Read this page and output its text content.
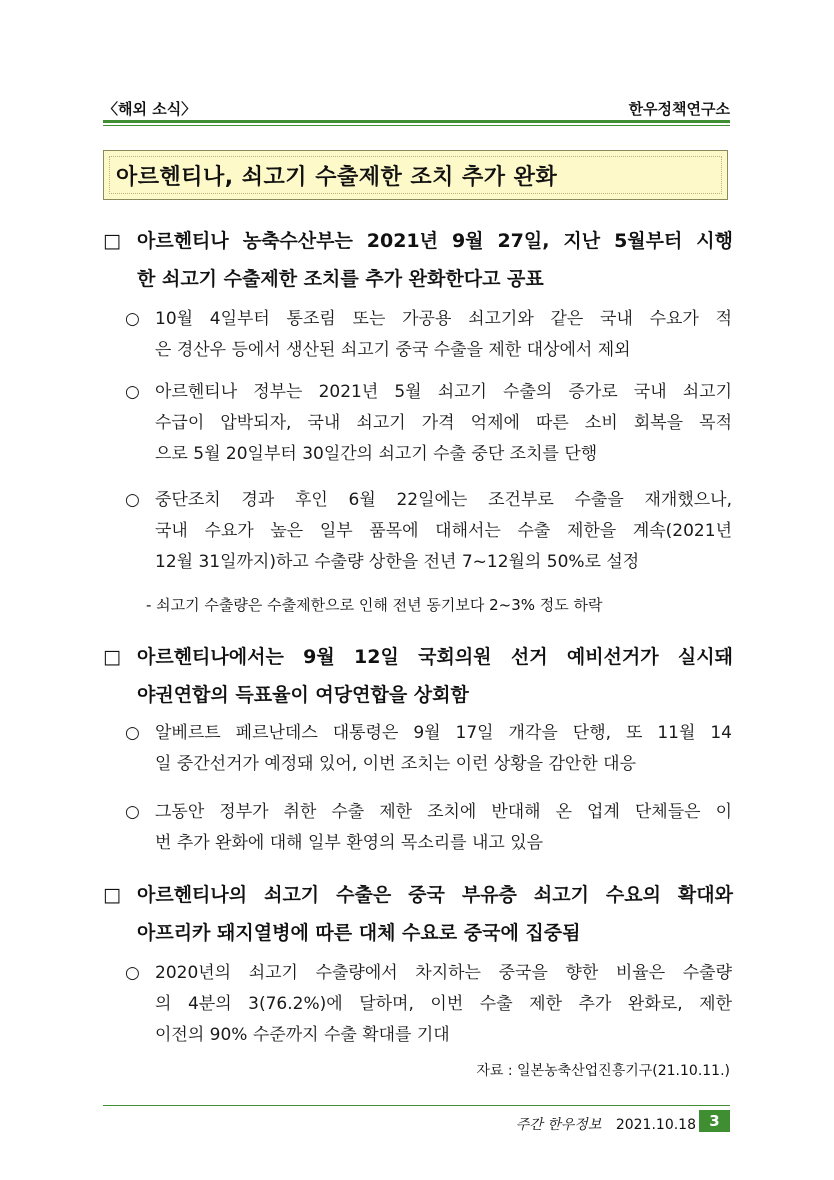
〈해외 소식〉	한우정책연구소
아르헨티나, 쇠고기 수출제한 조치 추가 완화
□ 아르헨티나 농축수산부는 2021년 9월 27일, 지난 5월부터 시행
한 쇠고기 수출제한 조치를 추가 완화한다고 공표
○ 10월 4일부터 통조림 또는 가공용 쇠고기와 같은 국내 수요가 적
은 경산우 등에서 생산된 쇠고기 중국 수출을 제한 대상에서 제외
○ 아르헨티나 정부는 2021년 5월 쇠고기 수출의 증가로 국내 쇠고기
수급이 압박되자, 국내 쇠고기 가격 억제에 따른 소비 회복을 목적
으로 5월 20일부터 30일간의 쇠고기 수출 중단 조치를 단행
○ 중단조치 경과 후인 6월 22일에는 조건부로 수출을 재개했으나,
국내 수요가 높은 일부 품목에 대해서는 수출 제한을 계속(2021년
12월 31일까지)하고 수출량 상한을 전년 7~12월의 50%로 설정
- 쇠고기 수출량은 수출제한으로 인해 전년 동기보다 2~3% 정도 하락
□ 아르헨티나에서는 9월 12일 국회의원 선거 예비선거가 실시돼
야권연합의 득표율이 여당연합을 상회함
○ 알베르트 페르난데스 대통령은 9월 17일 개각을 단행, 또 11월 14
일 중간선거가 예정돼 있어, 이번 조치는 이런 상황을 감안한 대응
○ 그동안 정부가 취한 수출 제한 조치에 반대해 온 업계 단체들은 이
번 추가 완화에 대해 일부 환영의 목소리를 내고 있음
□ 아르헨티나의 쇠고기 수출은 중국 부유층 쇠고기 수요의 확대와
아프리카 돼지열병에 따른 대체 수요로 중국에 집중됨
○ 2020년의 쇠고기 수출량에서 차지하는 중국을 향한 비율은 수출량
의 4분의 3(76.2%)에 달하며, 이번 수출 제한 추가 완화로, 제한
이전의 90% 수준까지 수출 확대를 기대
자료 : 일본농축산업진흥기구(21.10.11.)
주간 한우정보 2021.10.18 3
